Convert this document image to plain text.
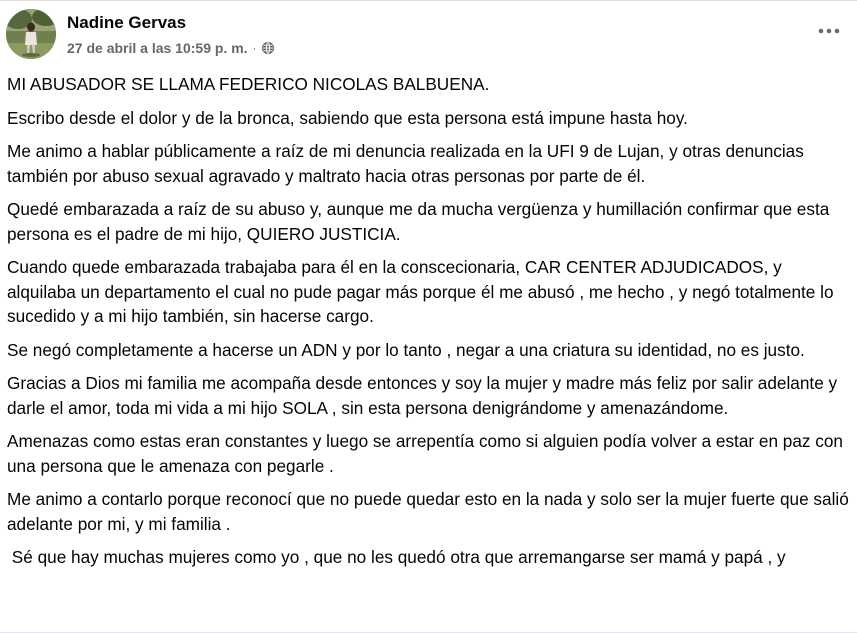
Nadine Gervas
27 de abril a las 10:59 p. m. ·

MI ABUSADOR SE LLAMA FEDERICO NICOLAS BALBUENA.

Escribo desde el dolor y de la bronca, sabiendo que esta persona está impune hasta hoy.

Me animo a hablar públicamente a raíz de mi denuncia realizada en la UFI 9 de Lujan, y otras denuncias también por abuso sexual agravado y maltrato hacia otras personas por parte de él.

Quedé embarazada a raíz de su abuso y, aunque me da mucha vergüenza y humillación confirmar que esta persona es el padre de mi hijo, QUIERO JUSTICIA.

Cuando quede embarazada trabajaba para él en la conscecionaria, CAR CENTER ADJUDICADOS, y alquilaba un departamento el cual no pude pagar más porque él me abusó , me hecho , y negó totalmente lo sucedido y a mi hijo también, sin hacerse cargo.

Se negó completamente a hacerse un ADN y por lo tanto , negar a una criatura su identidad, no es justo.

Gracias a Dios mi familia me acompaña desde entonces y soy la mujer y madre más feliz por salir adelante y darle el amor, toda mi vida a mi hijo SOLA , sin esta persona denigrándome y amenazándome.

Amenazas como estas eran constantes y luego se arrepentía como si alguien podía volver a estar en paz con una persona que le amenaza con pegarle .

Me animo a contarlo porque reconocí que no puede quedar esto en la nada y solo ser la mujer fuerte que salió adelante por mi, y mi familia .

Sé que hay muchas mujeres como yo , que no les quedó otra que arremangarse ser mamá y papá , y
